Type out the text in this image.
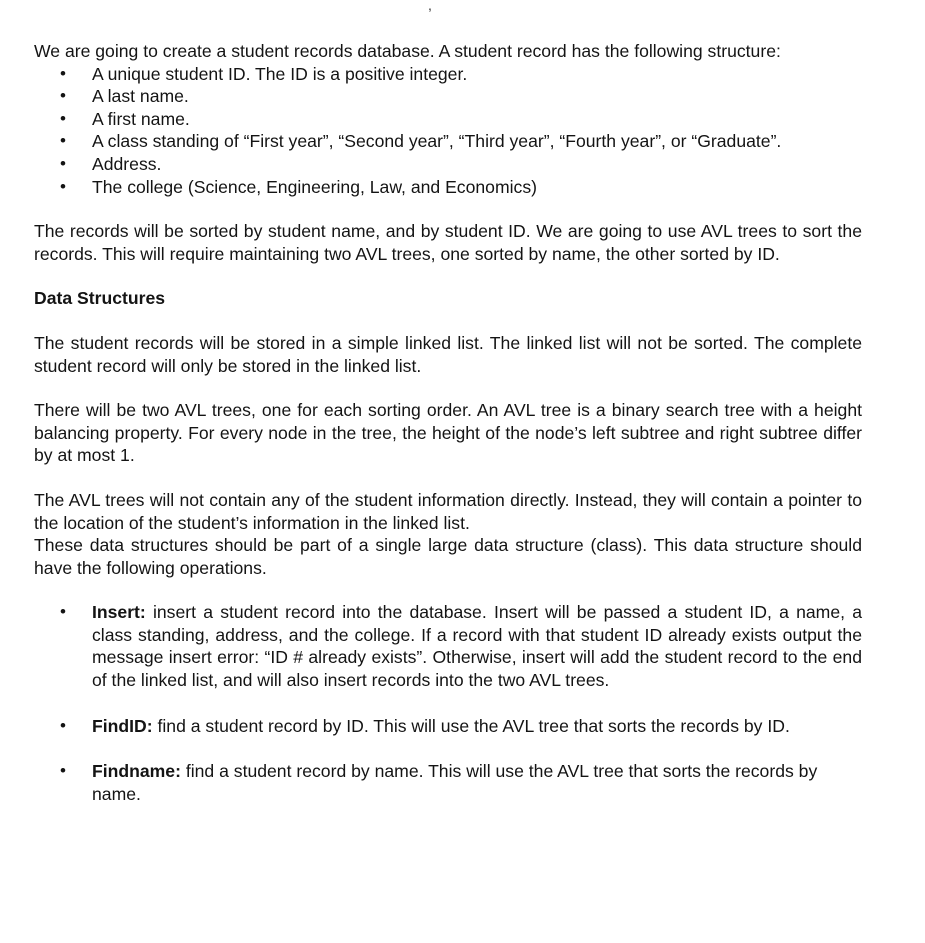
,

We are going to create a student records database. A student record has the following structure:

• A unique student ID. The ID is a positive integer.
• A last name.
• A first name.
• A class standing of “First year”, “Second year”, “Third year”, “Fourth year”, or “Graduate”.
• Address.
• The college (Science, Engineering, Law, and Economics)

The records will be sorted by student name, and by student ID. We are going to use AVL trees to sort the records. This will require maintaining two AVL trees, one sorted by name, the other sorted by ID.

Data Structures

The student records will be stored in a simple linked list. The linked list will not be sorted. The complete student record will only be stored in the linked list.

There will be two AVL trees, one for each sorting order. An AVL tree is a binary search tree with a height balancing property. For every node in the tree, the height of the node’s left subtree and right subtree differ by at most 1.

The AVL trees will not contain any of the student information directly. Instead, they will contain a pointer to the location of the student’s information in the linked list.

These data structures should be part of a single large data structure (class). This data structure should have the following operations.

• Insert: insert a student record into the database. Insert will be passed a student ID, a name, a class standing, address, and the college. If a record with that student ID already exists output the message insert error: “ID # already exists”. Otherwise, insert will add the student record to the end of the linked list, and will also insert records into the two AVL trees.
• FindID: find a student record by ID. This will use the AVL tree that sorts the records by ID.
• Findname: find a student record by name. This will use the AVL tree that sorts the records by name.
